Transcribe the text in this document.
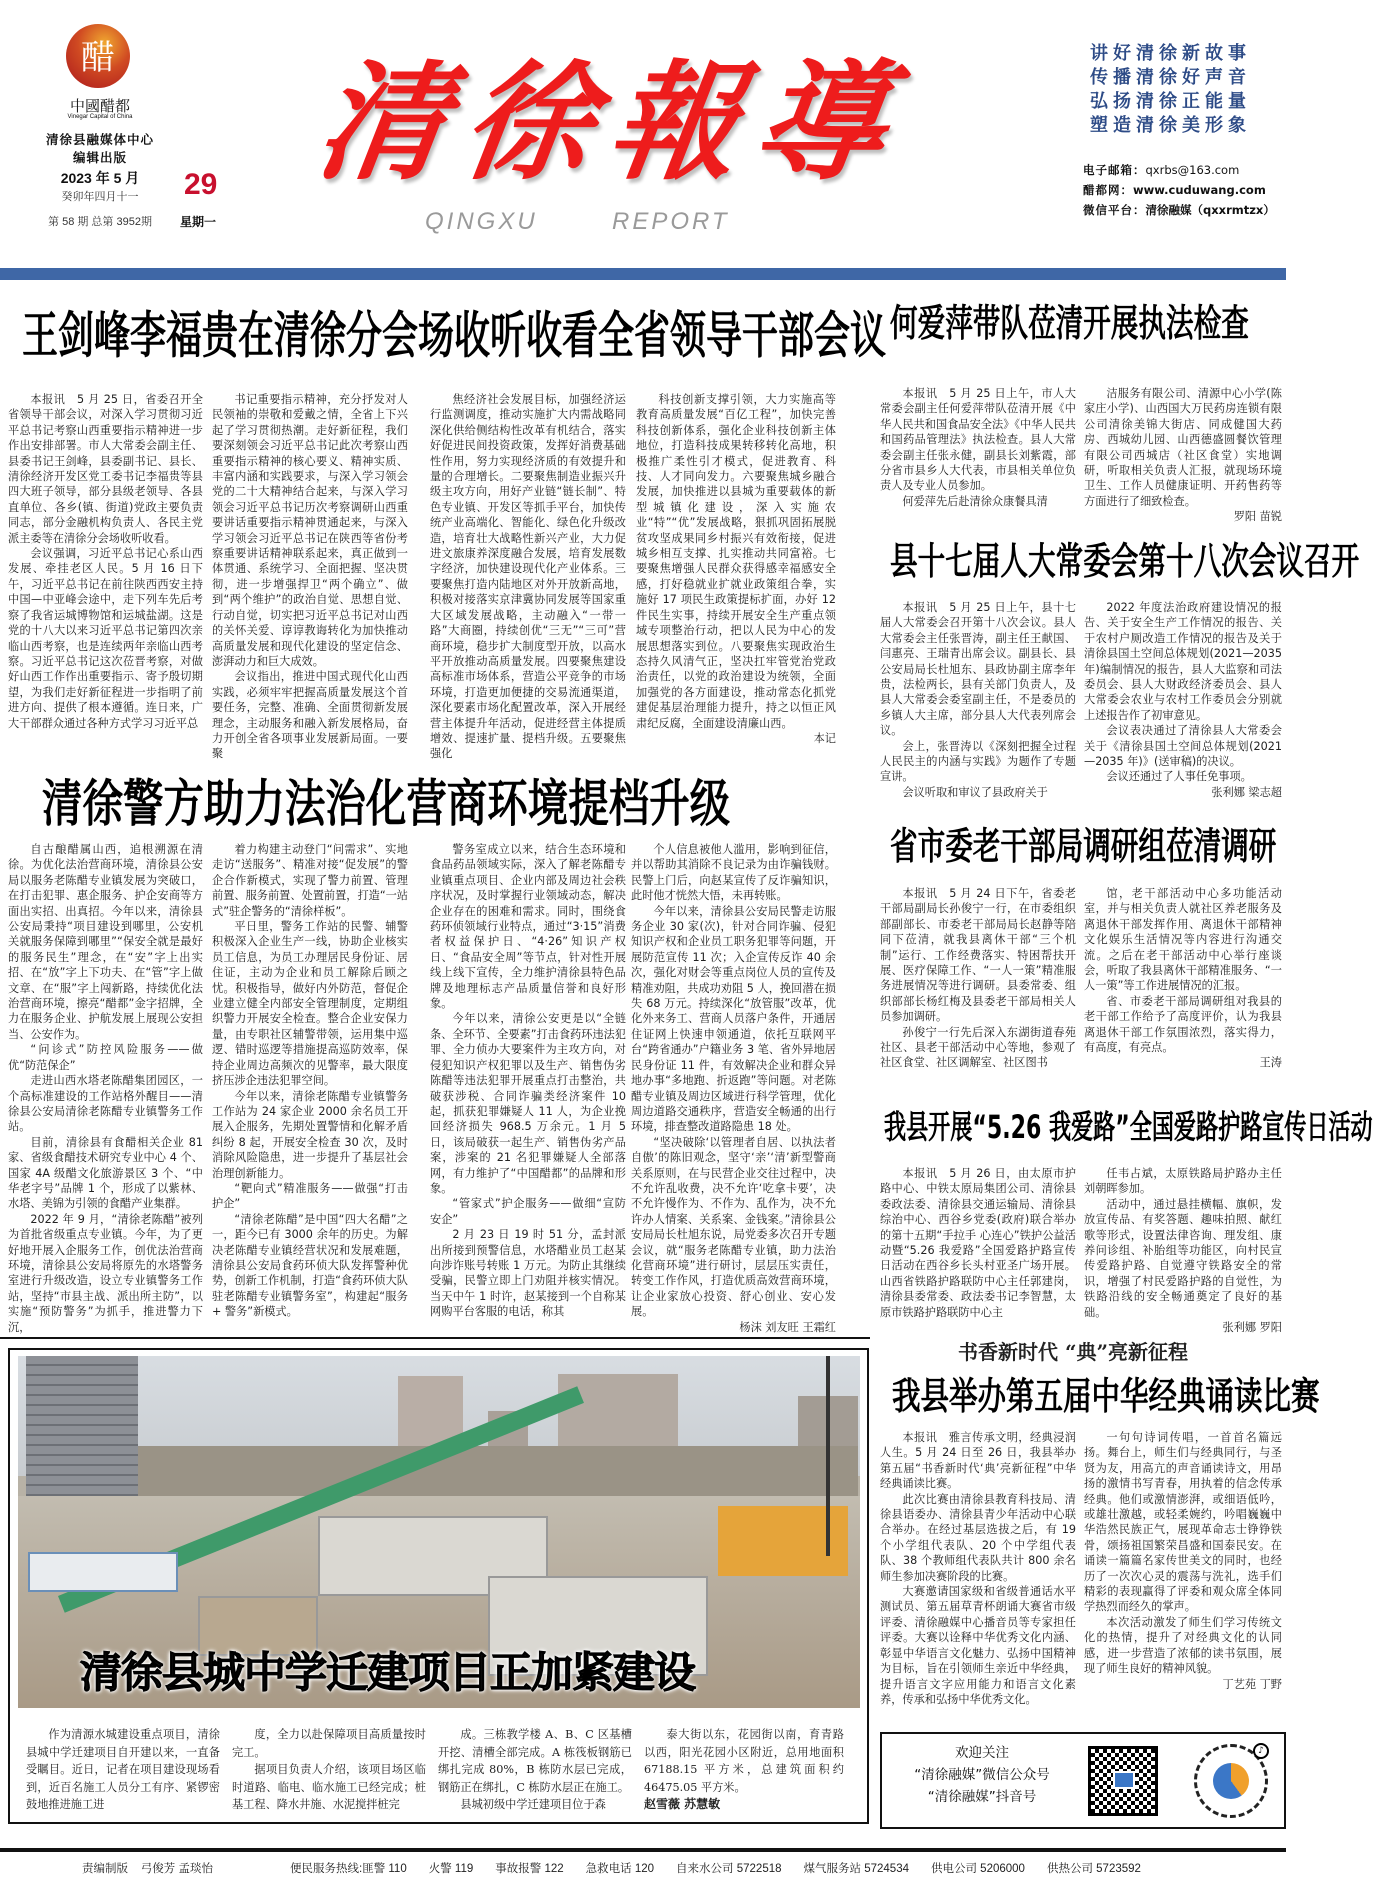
醋
中國醋都
Vinegar Capital of China
清徐县融媒体中心
编辑出版
2023 年 5 月
癸卯年四月十一
第 58 期 总第 3952期
29
星期一
清徐報導
QINGXU	REPORT
讲好清徐新故事
传播清徐好声音
弘扬清徐正能量
塑造清徐美形象
电子邮箱：qxrbs@163.com
醋都网：www.cuduwang.com
微信平台：清徐融媒（qxxrmtzx）
王剑峰李福贵在清徐分会场收听收看全省领导干部会议

本报讯　5 月 25 日，省委召开全省领导干部会议，对深入学习贯彻习近平总书记考察山西重要指示精神进一步作出安排部署。市人大常委会副主任、县委书记王剑峰，县委副书记、县长、清徐经济开发区党工委书记李福贵等县四大班子领导，部分县级老领导、各县直单位、各乡(镇、街道)党政主要负责同志，部分金融机构负责人、各民主党派主委等在清徐分会场收听收看。

会议强调，习近平总书记心系山西发展、牵挂老区人民。5 月 16 日下午，习近平总书记在前往陕西西安主持中国—中亚峰会途中，走下列车先后考察了我省运城博物馆和运城盐湖。这是党的十八大以来习近平总书记第四次亲临山西考察，也是连续两年亲临山西考察。习近平总书记这次莅晋考察，对做好山西工作作出重要指示、寄予殷切期望，为我们走好新征程进一步指明了前进方向、提供了根本遵循。连日来，广大干部群众通过各种方式学习习近平总

书记重要指示精神，充分抒发对人民领袖的崇敬和爱戴之情，全省上下兴起了学习贯彻热潮。走好新征程，我们要深刻领会习近平总书记此次考察山西重要指示精神的核心要义、精神实质、丰富内涵和实践要求，与深入学习领会党的二十大精神结合起来，与深入学习领会习近平总书记历次考察调研山西重要讲话重要指示精神贯通起来，与深入学习领会习近平总书记在陕西等省份考察重要讲话精神联系起来，真正做到一体贯通、系统学习、全面把握、坚决贯彻，进一步增强捍卫“两个确立”、做到“两个维护”的政治自觉、思想自觉、行动自觉，切实把习近平总书记对山西的关怀关爱、谆谆教诲转化为加快推动高质量发展和现代化建设的坚定信念、澎湃动力和巨大成效。

会议指出，推进中国式现代化山西实践，必须牢牢把握高质量发展这个首要任务，完整、准确、全面贯彻新发展理念，主动服务和融入新发展格局，奋力开创全省各项事业发展新局面。一要聚

焦经济社会发展目标，加强经济运行监测调度，推动实施扩大内需战略同深化供给侧结构性改革有机结合，落实好促进民间投资政策，发挥好消费基础性作用，努力实现经济质的有效提升和量的合理增长。二要聚焦制造业振兴升级主攻方向，用好产业链“链长制”、特色专业镇、开发区等抓手平台，加快传统产业高端化、智能化、绿色化升级改造，培育壮大战略性新兴产业，大力促进文旅康养深度融合发展，培育发展数字经济，加快建设现代化产业体系。三要聚焦打造内陆地区对外开放新高地，积极对接落实京津冀协同发展等国家重大区域发展战略，主动融入“一带一路”大商圈，持续创优“三无”“三可”营商环境，稳步扩大制度型开放，以高水平开放推动高质量发展。四要聚焦建设高标准市场体系，营造公平竞争的市场环境，打造更加便捷的交易流通渠道，深化要素市场化配置改革，深入开展经营主体提升年活动，促进经营主体提质增效、提速扩量、提档升级。五要聚焦强化

科技创新支撑引领，大力实施高等教育高质量发展“百亿工程”，加快完善科技创新体系，强化企业科技创新主体地位，打造科技成果转移转化高地，积极推广柔性引才模式，促进教育、科技、人才同向发力。六要聚焦城乡融合发展，加快推进以县城为重要载体的新型城镇化建设，深入实施农业“特”“优”发展战略，狠抓巩固拓展脱贫攻坚成果同乡村振兴有效衔接，促进城乡相互支撑、扎实推动共同富裕。七要聚焦增强人民群众获得感幸福感安全感，打好稳就业扩就业政策组合拳，实施好 17 项民生政策提标扩面，办好 12 件民生实事，持续开展安全生产重点领域专项整治行动，把以人民为中心的发展思想落实到位。八要聚焦实现政治生态持久风清气正，坚决扛牢管党治党政治责任，以党的政治建设为统领，全面加强党的各方面建设，推动常态化抓党建促基层治理能力提升，持之以恒正风肃纪反腐，全面建设清廉山西。

本记
清徐警方助力法治化营商环境提档升级

自古酿醋属山西，追根溯源在清徐。为优化法治营商环境，清徐县公安局以服务老陈醋专业镇发展为突破口，在打击犯罪、惠企服务、护企安商等方面出实招、出真招。今年以来，清徐县公安局秉持“项目建设到哪里，公安机关就服务保障到哪里”“保安全就是最好的服务民生”理念，在“安”字上出实招、在“放”字上下功夫、在“管”字上做文章、在“服”字上闯新路，持续优化法治营商环境，擦亮“醋都”金字招牌，全力在服务企业、护航发展上展现公安担当、公安作为。

“问诊式”防控风险服务——做优“防范保企”

走进山西水塔老陈醋集团园区，一个高标准建设的工作站格外醒目——清徐县公安局清徐老陈醋专业镇警务工作站。

目前，清徐县有食醋相关企业 81 家、省级食醋技术研究专业中心 4 个、国家 4A 级醋文化旅游景区 3 个、“中华老字号”品牌 1 个，形成了以紫林、水塔、美锦为引领的食醋产业集群。

2022 年 9 月，“清徐老陈醋”被列为首批省级重点专业镇。今年，为了更好地开展入企服务工作，创优法治营商环境，清徐县公安局将原先的水塔警务室进行升级改造，设立专业镇警务工作站，坚持“市县主战、派出所主防”，以实施“预防警务”为抓手，推进警力下沉，

着力构建主动登门“问需求”、实地走访“送服务”、精准对接“促发展”的警企合作新模式，实现了警力前置、管理前置、服务前置、处置前置，打造“一站式”驻企警务的“清徐样板”。

平日里，警务工作站的民警、辅警积极深入企业生产一线，协助企业核实员工信息，为员工办理居民身份证、居住证，主动为企业和员工解除后顾之忧。积极指导，做好内外防范，督促企业建立健全内部安全管理制度，定期组织警力开展安全检查。整合企业安保力量，由专职社区辅警带领，运用集中巡逻、错时巡逻等措施提高巡防效率，保持企业周边高频次的见警率，最大限度挤压涉企违法犯罪空间。

今年以来，清徐老陈醋专业镇警务工作站为 24 家企业 2000 余名员工开展入企服务，先期处置警情和化解矛盾纠纷 8 起，开展安全检查 30 次，及时消除风险隐患，进一步提升了基层社会治理创新能力。

“靶向式”精准服务——做强“打击护企”

“清徐老陈醋”是中国“四大名醋”之一，距今已有 3000 余年的历史。为解决老陈醋专业镇经营状况和发展难题，清徐县公安局食药环侦大队发挥警种优势，创新工作机制，打造“食药环侦大队驻老陈醋专业镇警务室”，构建起“服务 + 警务”新模式。

警务室成立以来，结合生态环境和食品药品领域实际，深入了解老陈醋专业镇重点项目、企业内部及周边社会秩序状况，及时掌握行业领域动态，解决企业存在的困难和需求。同时，围绕食药环侦领域行业特点，通过“3·15”消费者权益保护日、“4·26”知识产权日、“食品安全周”等节点，针对性开展线上线下宣传，全力维护清徐县特色品牌及地理标志产品质量信誉和良好形象。

今年以来，清徐公安更是以“全链条、全环节、全要素”打击食药环违法犯罪、全力侦办大要案件为主攻方向，对侵犯知识产权犯罪以及生产、销售伪劣陈醋等违法犯罪开展重点打击整治，共破获涉税、合同诈骗类经济案件 10 起，抓获犯罪嫌疑人 11 人，为企业挽回经济损失 968.5 万余元。1 月 5 日，该局破获一起生产、销售伪劣产品案，涉案的 21 名犯罪嫌疑人全部落网，有力维护了“中国醋都”的品牌和形象。

“管家式”护企服务——做细“宣防安企”

2 月 23 日 19 时 51 分，孟封派出所接到预警信息，水塔醋业员工赵某向涉诈账号转账 1 万元。为防止其继续受骗，民警立即上门劝阻并核实情况。当天中午 1 时许，赵某接到一个自称某网购平台客服的电话，称其

个人信息被他人滥用，影响到征信，并以帮助其消除不良记录为由诈骗钱财。民警上门后，向赵某宣传了反诈骗知识，此时他才恍然大悟，未再转账。

今年以来，清徐县公安局民警走访服务企业 30 家(次)，针对合同诈骗、侵犯知识产权和企业员工职务犯罪等问题，开展防范宣传 11 次；入企宣传反诈 40 余次，强化对财会等重点岗位人员的宣传及精准劝阻，共成功劝阻 5 人，挽回潜在损失 68 万元。持续深化“放管服”改革，优化外来务工、营商人员落户条件，开通居住证网上快速申领通道，依托互联网平台“跨省通办”户籍业务 3 笔、省外异地居民身份证 11 件，有效解决企业和群众异地办事“多地跑、折返跑”等问题。对老陈醋专业镇及周边区域进行科学管理，优化周边道路交通秩序，营造安全畅通的出行环境，排查整改道路隐患 18 处。

“坚决破除‘以管理者自居、以执法者自傲’的陈旧观念，坚守‘亲’‘清’新型警商关系原则，在与民营企业交往过程中，决不允许乱收费，决不允许‘吃拿卡要’，决不允许慢作为、不作为、乱作为，决不允许办人情案、关系案、金钱案。”清徐县公安局局长杜旭东说，局党委多次召开专题会议，就“服务老陈醋专业镇，助力法治化营商环境”进行研讨，层层压实责任，转变工作作风，打造优质高效营商环境，让企业家放心投资、舒心创业、安心发展。

杨沫 刘友旺 王霜红
何爱萍带队莅清开展执法检查

本报讯　5 月 25 日上午，市人大常委会副主任何爱萍带队莅清开展《中华人民共和国食品安全法》《中华人民共和国药品管理法》执法检查。县人大常委会副主任张永健，副县长刘紫霞，部分省市县乡人大代表，市县相关单位负责人及专业人员参加。

何爱萍先后赴清徐众康餐具清

洁服务有限公司、清源中心小学(陈家庄小学)、山西国大万民药房连锁有限公司清徐美锦大街店、同成健国大药房、西城幼儿园、山西德盛圆餐饮管理有限公司西城店（社区食堂）实地调研，听取相关负责人汇报，就现场环境卫生、工作人员健康证明、开药售药等方面进行了细致检查。

罗阳 苗锐
县十七届人大常委会第十八次会议召开

本报讯　5 月 25 日上午，县十七届人大常委会召开第十八次会议。县人大常委会主任张晋涛，副主任王献国、闫惠亮、王瑞青出席会议。副县长、县公安局局长杜旭东、县政协副主席李年贵，法检两长，县有关部门负责人，及县人大常委会委室副主任，不是委员的乡镇人大主席，部分县人大代表列席会议。

会上，张晋涛以《深刻把握全过程人民民主的内涵与实践》为题作了专题宣讲。

会议听取和审议了县政府关于

2022 年度法治政府建设情况的报告、关于安全生产工作情况的报告、关于农村户厕改造工作情况的报告及关于清徐县国土空间总体规划(2021—2035 年)编制情况的报告，县人大监察和司法委员会、县人大财政经济委员会、县人大常委会农业与农村工作委员会分别就上述报告作了初审意见。

会议表决通过了清徐县人大常委会关于《清徐县国土空间总体规划(2021—2035 年)》(送审稿)的决议。

会议还通过了人事任免事项。

张利娜 梁志超
省市委老干部局调研组莅清调研

本报讯　5 月 24 日下午，省委老干部局副局长孙俊宁一行，在市委组织部副部长、市委老干部局局长赵静等陪同下莅清，就我县离休干部“三个机制”运行、工作经费落实、特困帮扶开展、医疗保障工作、“一人一策”精准服务进展情况等进行调研。县委常委、组织部部长杨红梅及县委老干部局相关人员参加调研。

孙俊宁一行先后深入东湖街道春苑社区、县老干部活动中心等地，参观了社区食堂、社区调解室、社区图书

馆，老干部活动中心多功能活动室，并与相关负责人就社区养老服务及离退休干部发挥作用、离退休干部精神文化娱乐生活情况等内容进行沟通交流。之后在老干部活动中心举行座谈会，听取了我县离休干部精准服务、“一人一策”等工作进展情况的汇报。

省、市委老干部局调研组对我县的老干部工作给予了高度评价，认为我县离退休干部工作氛围浓烈，落实得力，有高度，有亮点。

王涛
我县开展“5.26 我爱路”全国爱路护路宣传日活动

本报讯　5 月 26 日，由太原市护路中心、中铁太原局集团公司、清徐县委政法委、清徐县交通运输局、清徐县综治中心、西谷乡党委(政府)联合举办的第十五期“手拉手 心连心”铁护公益活动暨“5.26 我爱路”全国爱路护路宣传日活动在西谷乡长头村亚圣广场开展。山西省铁路护路联防中心主任郭建岗，清徐县委常委、政法委书记李智慧，太原市铁路护路联防中心主

任韦占斌，太原铁路局护路办主任刘朝晖参加。

活动中，通过悬挂横幅、旗帜，发放宣传品、有奖答题、趣味拍照、献红歌等形式，设置法律咨询、理发组、康养问诊组、补胎组等功能区，向村民宣传爱路护路、自觉遵守铁路安全的常识，增强了村民爱路护路的自觉性，为铁路沿线的安全畅通奠定了良好的基础。

张利娜 罗阳
书香新时代 “典”亮新征程
我县举办第五届中华经典诵读比赛

本报讯　雅言传承文明，经典浸润人生。5 月 24 日至 26 日，我县举办第五届“书香新时代‘典’亮新征程”中华经典诵读比赛。

此次比赛由清徐县教育科技局、清徐县语委办、清徐县青少年活动中心联合举办。在经过基层选拔之后，有 19 个小学组代表队、20 个中学组代表队、38 个教师组代表队共计 800 余名师生参加决赛阶段的比赛。

大赛邀请国家级和省级普通话水平测试员、第五届草青杯朗诵大赛省市级评委、清徐融媒中心播音员等专家担任评委。大赛以诠释中华优秀文化内涵、彰显中华语言文化魅力、弘扬中国精神为目标，旨在引领师生亲近中华经典，提升语言文字应用能力和语言文化素养，传承和弘扬中华优秀文化。

一句句诗词传唱，一首首名篇远扬。舞台上，师生们与经典同行，与圣贤为友，用高亢的声音诵读诗文，用昂扬的激情书写青春，用执着的信念传承经典。他们或激情澎湃，或细语低吟，或雄壮激越，或轻柔婉约，吟唱巍巍中华浩然民族正气，展现革命志士铮铮铁骨，颂扬祖国繁荣昌盛和国泰民安。在诵读一篇篇名家传世美文的同时，也经历了一次次心灵的震荡与洗礼，选手们精彩的表现赢得了评委和观众席全体同学热烈而经久的掌声。

本次活动激发了师生们学习传统文化的热情，提升了对经典文化的认同感，进一步营造了浓郁的读书氛围，展现了师生良好的精神风貌。

丁艺苑 丁野
清徐县城中学迁建项目正加紧建设

作为清源水城建设重点项目，清徐县城中学迁建项目自开建以来，一直备受瞩目。近日，记者在项目建设现场看到，近百名施工人员分工有序、紧锣密鼓地推进施工进

度，全力以赴保障项目高质量按时完工。

据项目负责人介绍，该项目场区临时道路、临电、临水施工已经完成；桩基工程、降水井施、水泥搅拌桩完

成。三栋教学楼 A、B、C 区基槽开挖、清槽全部完成。A 栋筏板钢筋已绑扎完成 80%，B 栋防水层已完成，钢筋正在绑扎，C 栋防水层正在施工。

县城初级中学迁建项目位于森

泰大街以东，花园街以南，育青路以西，阳光花园小区附近，总用地面积 67188.15 平方米，总建筑面积约 46475.05 平方米。

赵雪薇 苏慧敏
欢迎关注
“清徐融媒”微信公众号
“清徐融媒”抖音号
♪
责编制版 弓俊芳 孟琰怡	便民服务热线:匪警 110 火警 119 事故报警 122 急救电话 120 自来水公司 5722518 煤气服务站 5724534 供电公司 5206000 供热公司 5723592
